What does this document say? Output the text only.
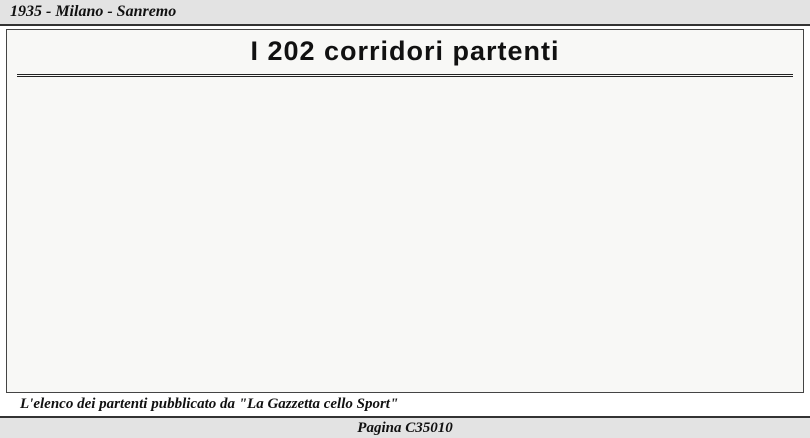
1935 - Milano - Sanremo
I 202 corridori partenti
L'elenco dei partenti pubblicato da "La Gazzetta cello Sport"
Pagina C35010
